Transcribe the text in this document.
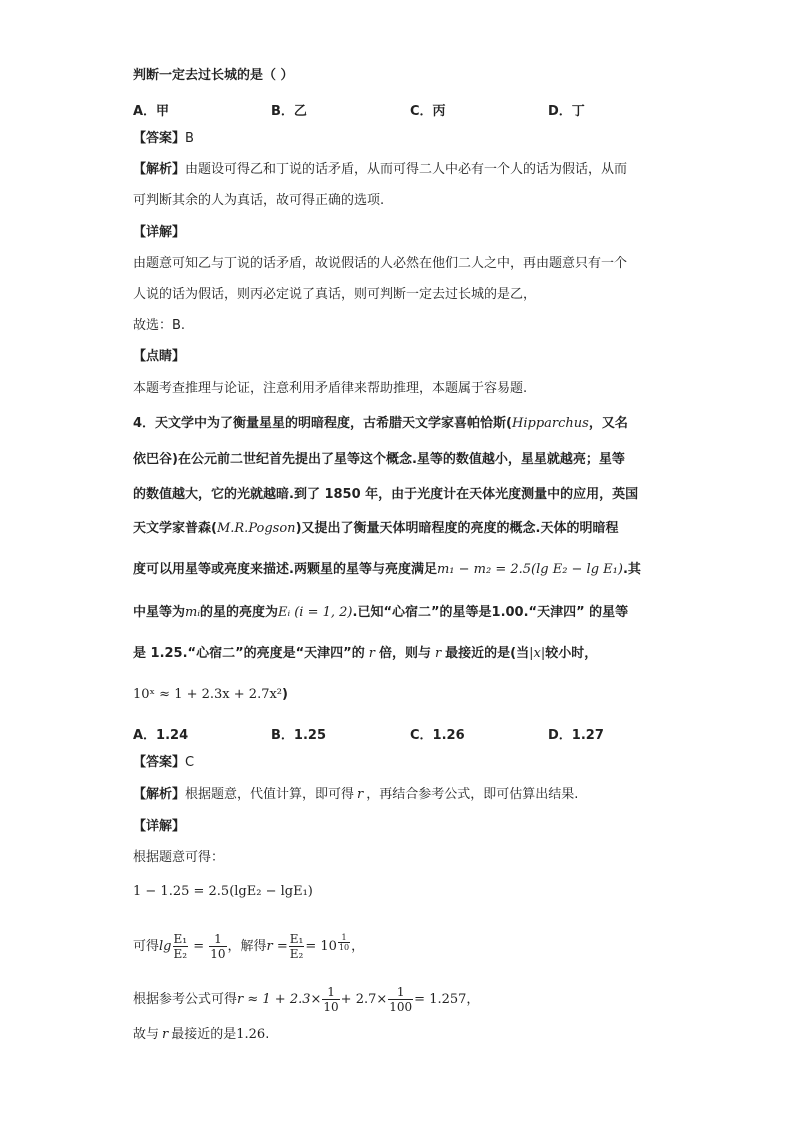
判断一定去过长城的是（ ）
A．甲	B．乙	C．丙	D．丁
【答案】B
【解析】由题设可得乙和丁说的话矛盾，从而可得二人中必有一个人的话为假话，从而
可判断其余的人为真话，故可得正确的选项.
【详解】
由题意可知乙与丁说的话矛盾，故说假话的人必然在他们二人之中，再由题意只有一个
人说的话为假话，则丙必定说了真话，则可判断一定去过长城的是乙，
故选：B.
【点睛】
本题考查推理与论证，注意利用矛盾律来帮助推理，本题属于容易题.
4．天文学中为了衡量星星的明暗程度，古希腊天文学家喜帕恰斯(Hipparchus，又名
依巴谷)在公元前二世纪首先提出了星等这个概念.星等的数值越小，星星就越亮；星等
的数值越大，它的光就越暗.到了 1850 年，由于光度计在天体光度测量中的应用，英国
天文学家普森(M.R.Pogson)又提出了衡量天体明暗程度的亮度的概念.天体的明暗程
度可以用星等或亮度来描述.两颗星的星等与亮度满足m₁ − m₂ = 2.5(lg E₂ − lg E₁).其
中星等为mᵢ的星的亮度为Eᵢ (i = 1, 2).已知“心宿二”的星等是1.00.“天津四” 的星等
是 1.25.“心宿二”的亮度是“天津四”的 r 倍，则与 r 最接近的是(当|x|较小时，
10ˣ ≈ 1 + 2.3x + 2.7x²)
A．1.24	B．1.25	C．1.26	D．1.27
【答案】C
【解析】根据题意，代值计算，即可得 r ，再结合参考公式，即可估算出结果.
【详解】
根据题意可得：
1 − 1.25 = 2.5(lgE₂ − lgE₁)
可得$\lg \frac{\text{E₁}}{\text{E₂}} = \frac{1}{10}$ ，解得$r = \frac{\text{E₁}}{\text{E₂}} = 10 \frac{1}{10}$ ，
根据参考公式可得$r \approx 1 + 2.3\times \frac{1}{10} + 2.7\times \frac{1}{100} = 1.257$，
故与 r 最接近的是1.26.
